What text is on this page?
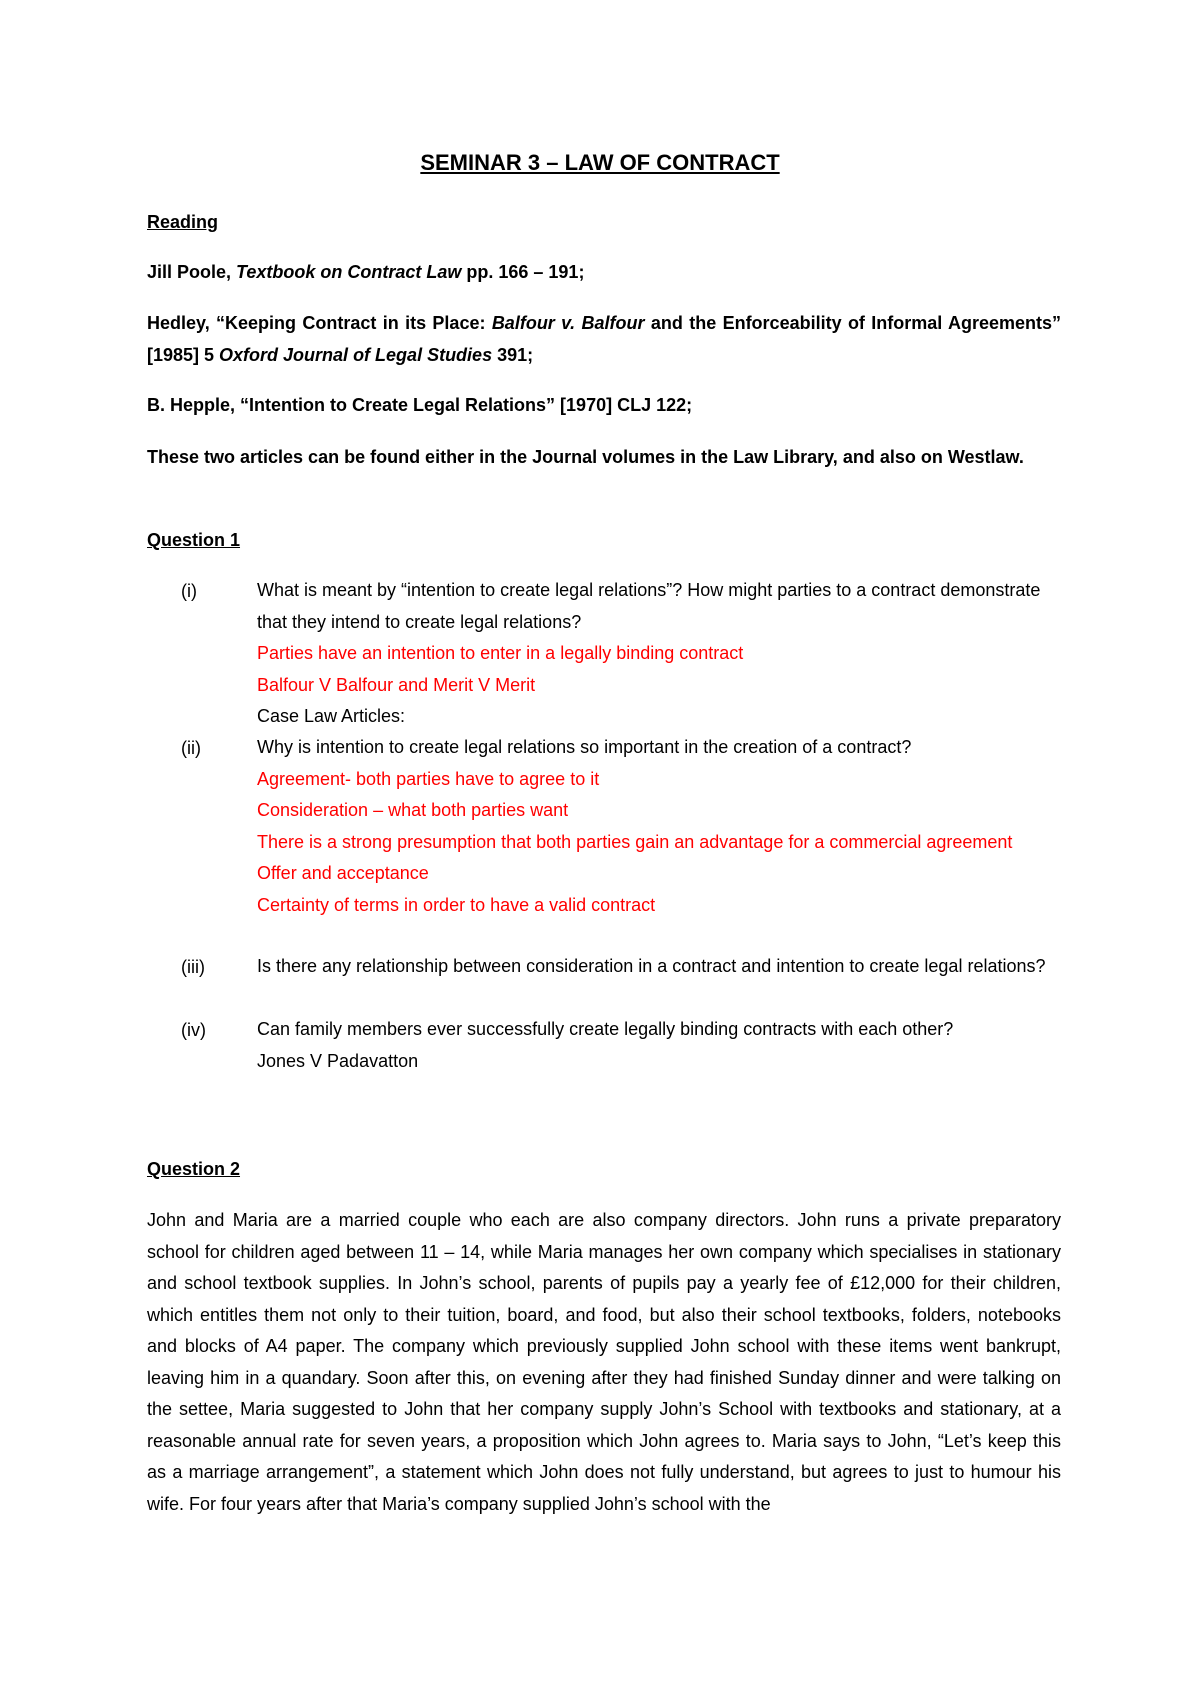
SEMINAR 3 – LAW OF CONTRACT
Reading
Jill Poole, Textbook on Contract Law pp. 166 – 191;
Hedley, “Keeping Contract in its Place: Balfour v. Balfour and the Enforceability of Informal Agreements” [1985] 5 Oxford Journal of Legal Studies 391;
B. Hepple, “Intention to Create Legal Relations” [1970] CLJ 122;
These two articles can be found either in the Journal volumes in the Law Library, and also on Westlaw.
Question 1
(i)	What is meant by “intention to create legal relations”? How might parties to a contract demonstrate that they intend to create legal relations?

Parties have an intention to enter in a legally binding contract

Balfour V Balfour and Merit V Merit

Case Law Articles:

(ii)	Why is intention to create legal relations so important in the creation of a contract?

Agreement- both parties have to agree to it

Consideration – what both parties want

There is a strong presumption that both parties gain an advantage for a commercial agreement

Offer and acceptance

Certainty of terms in order to have a valid contract

(iii)	Is there any relationship between consideration in a contract and intention to create legal relations?

(iv)	Can family members ever successfully create legally binding contracts with each other?

Jones V Padavatton

Question 2
John and Maria are a married couple who each are also company directors. John runs a private preparatory school for children aged between 11 – 14, while Maria manages her own company which specialises in stationary and school textbook supplies. In John’s school, parents of pupils pay a yearly fee of £12,000 for their children, which entitles them not only to their tuition, board, and food, but also their school textbooks, folders, notebooks and blocks of A4 paper. The company which previously supplied John school with these items went bankrupt, leaving him in a quandary. Soon after this, on evening after they had finished Sunday dinner and were talking on the settee, Maria suggested to John that her company supply John’s School with textbooks and stationary, at a reasonable annual rate for seven years, a proposition which John agrees to. Maria says to John, “Let’s keep this as a marriage arrangement”, a statement which John does not fully understand, but agrees to just to humour his wife. For four years after that Maria’s company supplied John’s school with the
